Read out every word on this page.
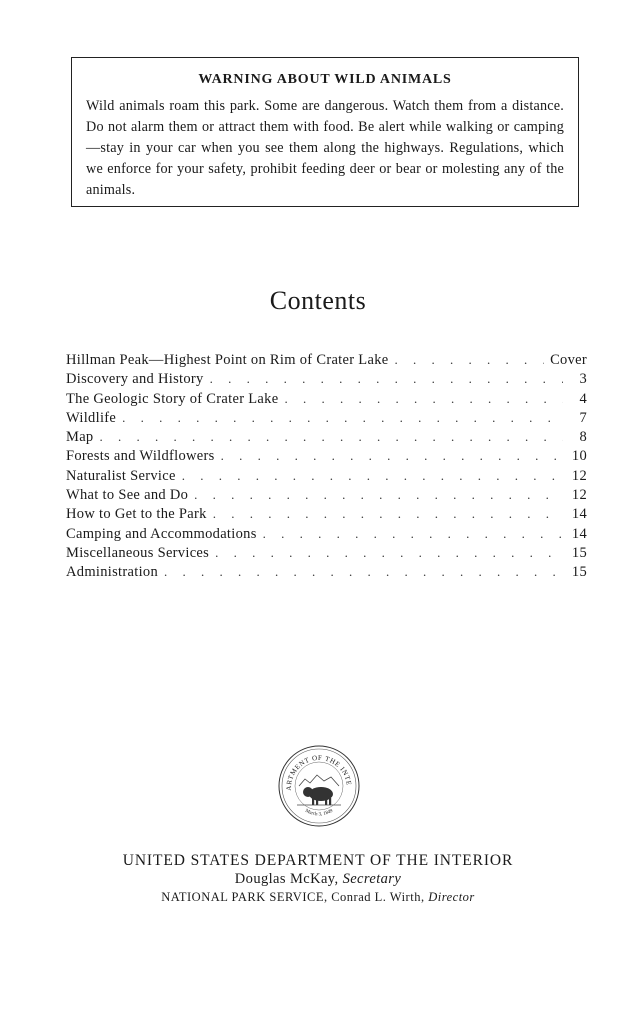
WARNING ABOUT WILD ANIMALS

Wild animals roam this park. Some are dangerous. Watch them from a distance. Do not alarm them or attract them with food. Be alert while walking or camping—stay in your car when you see them along the highways. Regulations, which we enforce for your safety, prohibit feeding deer or bear or molesting any of the animals.

Contents
Hillman Peak—Highest Point on Rim of Crater Lake . . .	Cover
Discovery and History . . .	3
The Geologic Story of Crater Lake . . .	4
Wildlife . . .	7
Map . . .	8
Forests and Wildflowers . . .	10
Naturalist Service . . .	12
What to See and Do . . .	12
How to Get to the Park . . .	14
Camping and Accommodations . . .	14
Miscellaneous Services . . .	15
Administration . . .	15
ARTMENT OF THE INTE
March 3, 1849
UNITED STATES DEPARTMENT OF THE INTERIOR
Douglas McKay, Secretary
NATIONAL PARK SERVICE, Conrad L. Wirth, Director
